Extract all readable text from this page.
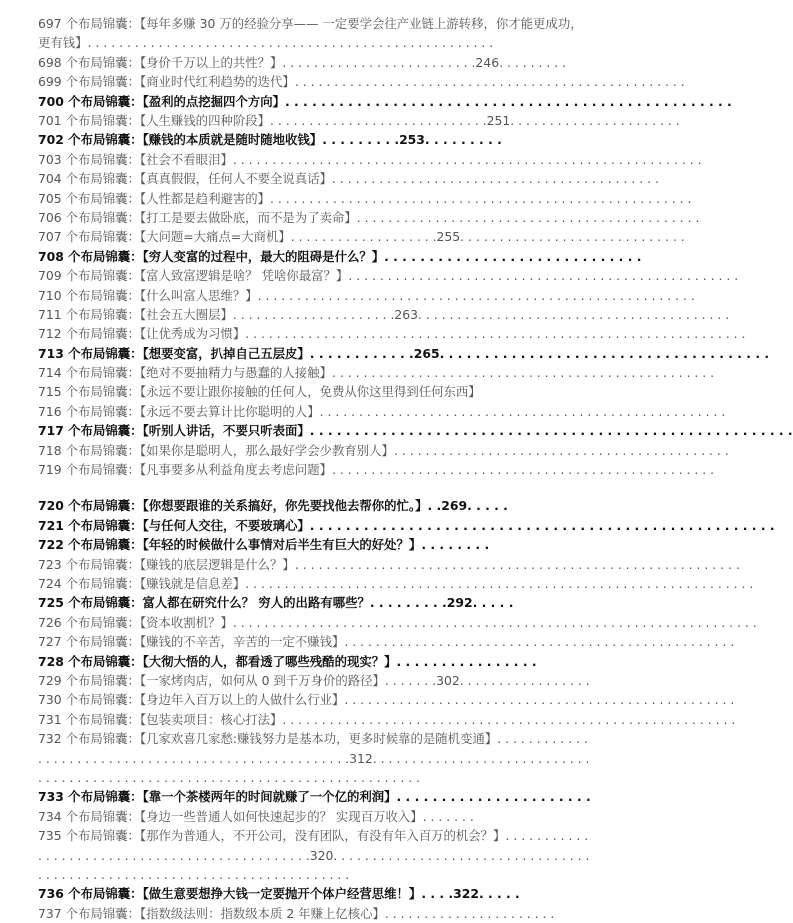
697 个布局锦囊：【每年多赚 30 万的经验分享—— 一定要学会往产业链上游转移，你才能更成功，更有钱】. . . . . . . . . . . . . . . . . . . . . . . . . . . . . . . . . . . . . . . . . . . . . . . . . . . .
698 个布局锦囊：【身价千万以上的共性？】. . . . . . . . . . . . . . . . . . . . . . . . .246. . . . . . . . .
699 个布局锦囊：【商业时代红利趋势的迭代】. . . . . . . . . . . . . . . . . . . . . . . . . . . . . . . . . . . . . . . . . . . . . . . . . .
700 个布局锦囊：【盈利的点挖掘四个方向】. . . . . . . . . . . . . . . . . . . . . . . . . . . . . . . . . . . . . . . . . . . . . . . . . .
701 个布局锦囊：【人生赚钱的四种阶段】. . . . . . . . . . . . . . . . . . . . . . . . . . . .251. . . . . . . . . . . . . . . . . . . . . .
702 个布局锦囊：【赚钱的本质就是随时随地收钱】. . . . . . . . .253. . . . . . . . .
703 个布局锦囊：【社会不看眼泪】. . . . . . . . . . . . . . . . . . . . . . . . . . . . . . . . . . . . . . . . . . . . . . . . . . . . . . . . . . . .
704 个布局锦囊：【真真假假，任何人不要全说真话】. . . . . . . . . . . . . . . . . . . . . . . . . . . . . . . . . . . . . . . . . .
705 个布局锦囊：【人性都是趋利避害的】. . . . . . . . . . . . . . . . . . . . . . . . . . . . . . . . . . . . . . . . . . . . . . . . . . . . . .
706 个布局锦囊：【打工是要去做卧底，而不是为了卖命】. . . . . . . . . . . . . . . . . . . . . . . . . . . . . . . . . . . . . . . . . . . .
707 个布局锦囊：【大问题=大痛点=大商机】. . . . . . . . . . . . . . . . . . .255. . . . . . . . . . . . . . . . . . . . . . . . . . . . .
708 个布局锦囊：【穷人变富的过程中，最大的阻碍是什么？】. . . . . . . . . . . . . . . . . . . . . . . . . . . . .
709 个布局锦囊：【富人致富逻辑是啥？ 凭啥你最富？】. . . . . . . . . . . . . . . . . . . . . . . . . . . . . . . . . . . . . . . . . . . . . . . . . .
710 个布局锦囊：【什么叫富人思维？】. . . . . . . . . . . . . . . . . . . . . . . . . . . . . . . . . . . . . . . . . . . . . . . . . . . . . . . .
711 个布局锦囊：【社会五大圈层】. . . . . . . . . . . . . . . . . . . . .263. . . . . . . . . . . . . . . . . . . . . . . . . . . . . . . . . . . . . . . .
712 个布局锦囊：【让优秀成为习惯】. . . . . . . . . . . . . . . . . . . . . . . . . . . . . . . . . . . . . . . . . . . . . . . . . . . . . . . . . . . . . . . .
713 个布局锦囊：【想要变富，扒掉自己五层皮】. . . . . . . . . . . .265. . . . . . . . . . . . . . . . . . . . . . . . . . . . . . . . . . . . .
714 个布局锦囊：【绝对不要抽精力与愚蠢的人接触】. . . . . . . . . . . . . . . . . . . . . . . . . . . . . . . . . . . . . . . . . . . . . . . . .
715 个布局锦囊：【永远不要让跟你接触的任何人，免费从你这里得到任何东西】
716 个布局锦囊：【永远不要去算计比你聪明的人】. . . . . . . . . . . . . . . . . . . . . . . . . . . . . . . . . . . . . . . . . . . . . . . . . . . .
717 个布局锦囊：【听别人讲话，不要只听表面】. . . . . . . . . . . . . . . . . . . . . . . . . . . . . . . . . . . . . . . . . . . . . . . . . . . . . .
718 个布局锦囊：【如果你是聪明人，那么最好学会少教育别人】. . . . . . . . . . . . . . . . . . . . . . . . . . . . . . . . . . . . . . . . . . .
719 个布局锦囊：【凡事要多从利益角度去考虑问题】. . . . . . . . . . . . . . . . . . . . . . . . . . . . . . . . . . . . . . . . . . . . . . . . .
720 个布局锦囊：【你想要跟谁的关系搞好，你先要找他去帮你的忙。】. .269. . . . .
721 个布局锦囊：【与任何人交往，不要玻璃心】. . . . . . . . . . . . . . . . . . . . . . . . . . . . . . . . . . . . . . . . . . . . . . . . . . . .
722 个布局锦囊：【年轻的时候做什么事情对后半生有巨大的好处？】. . . . . . . .
723 个布局锦囊：【赚钱的底层逻辑是什么？】. . . . . . . . . . . . . . . . . . . . . . . . . . . . . . . . . . . . . . . . . . . . . . . . . . . . . . . . .
724 个布局锦囊：【赚钱就是信息差】. . . . . . . . . . . . . . . . . . . . . . . . . . . . . . . . . . . . . . . . . . . . . . . . . . . . . . . . . . . . . . . . .
725 个布局锦囊：富人都在研究什么？ 穷人的出路有哪些？. . . . . . . . .292. . . . .
726 个布局锦囊：【资本收割机？】. . . . . . . . . . . . . . . . . . . . . . . . . . . . . . . . . . . . . . . . . . . . . . . . . . . . . . . . . . . . . . . . . . .
727 个布局锦囊：【赚钱的不辛苦，辛苦的一定不赚钱】. . . . . . . . . . . . . . . . . . . . . . . . . . . . . . . . . . . . . . . . . . . . . . . . . .
728 个布局锦囊：【大彻大悟的人，都看透了哪些残酷的现实？】. . . . . . . . . . . . . . . .
729 个布局锦囊：【一家烤肉店，如何从 0 到千万身价的路径】. . . . . . .302. . . . . . . . . . . . . . . . .
730 个布局锦囊：【身边年入百万以上的人做什么行业】. . . . . . . . . . . . . . . . . . . . . . . . . . . . . . . . . . . . . . . . . . . . . . . . . .
731 个布局锦囊：【包装卖项目：核心打法】. . . . . . . . . . . . . . . . . . . . . . . . . . . . . . . . . . . . . . . . . . . . . . . . . . . . . . . . . .
732 个布局锦囊：【几家欢喜几家愁:赚钱努力是基本功，更多时候靠的是随机变通】. . . . . . . . . . . . . . . . . . . . . . . . . . . . . . . . . . . . . . . . . . . . . . . . . . . .312. . . . . . . . . . . . . . . . . . . . . . . . . . . . . . . . . . . . . . . . . . . . . . . . . . . . . . . . . . . . . . . . . . . . . . . . . . . . .
733 个布局锦囊：【靠一个茶楼两年的时间就赚了一个亿的利润】. . . . . . . . . . . . . . . . . . . . . .
734 个布局锦囊：【身边一些普通人如何快速起步的？ 实现百万收入】. . . . . . .
735 个布局锦囊：【那作为普通人，不开公司，没有团队，有没有年入百万的机会？】. . . . . . . . . . . . . . . . . . . . . . . . . . . . . . . . . . . . . . . . . . . . . .320. . . . . . . . . . . . . . . . . . . . . . . . . . . . . . . . . . . . . . . . . . . . . . . . . . . . . . . . . . . . . . . . . . . . . . . . .
736 个布局锦囊：【做生意要想挣大钱一定要抛开个体户经营思维！】. . . .322. . . . .
737 个布局锦囊：【指数级法则：指数级本质 2 年赚上亿核心】. . . . . . . . . . . . . . . . . . . . . .
